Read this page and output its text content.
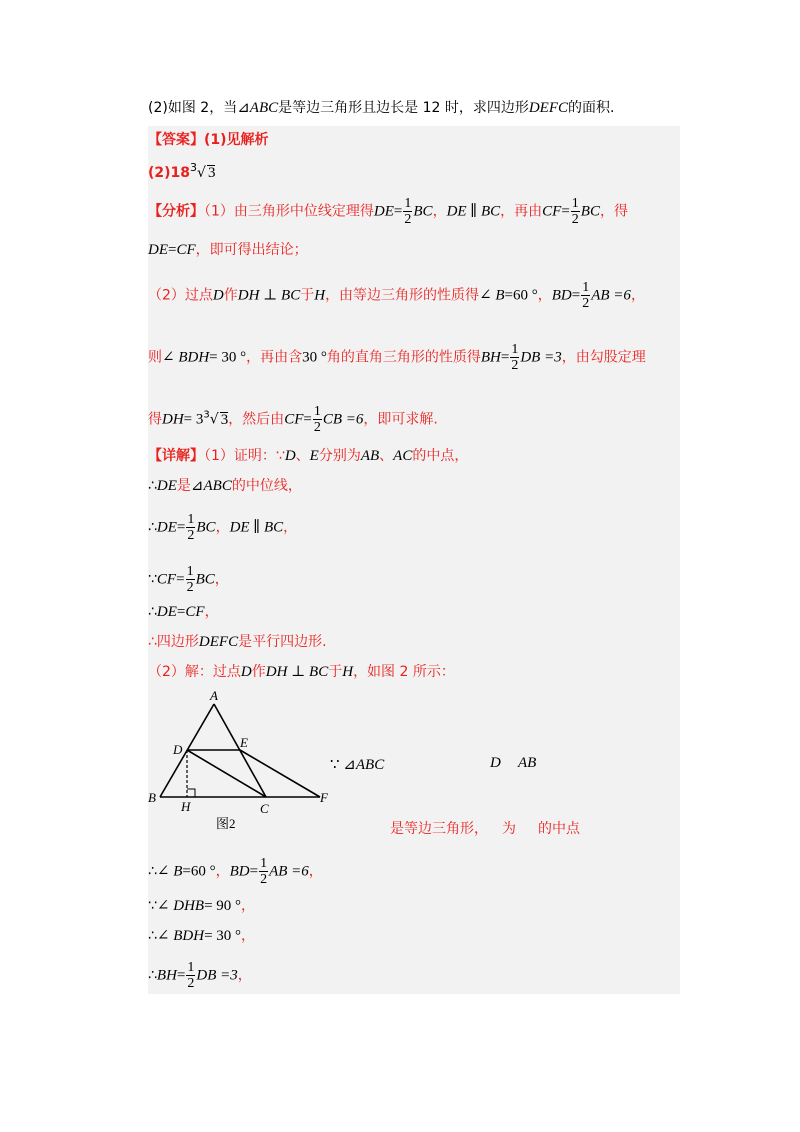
(2)如图 2，当⊿ABC是等边三角形且边长是 12 时，求四边形DEFC的面积.
【答案】(1)见解析
$(2)18^3√$ 3
【分析】（1）由三角形中位线定理得$DE= \frac{1}{2}$ BC，DE ∥ BC，再由$CF= \frac{1}{2}$ BC，得
DE=CF，即可得出结论；
（2）过点D作DH ⊥ BC于H，由等边三角形的性质得∠ B=60 °，$BD= \frac{1}{2}$ AB =6，
则∠ BDH= 30 °，再由含30 °角的直角三角形的性质得$BH= \frac{1}{2}$ DB =3，由勾股定理
得$DH= 3^3√$ 3，然后由$CF= \frac{1}{2}$ CB =6，即可求解.
【详解】（1）证明：∵D、E分别为AB、AC的中点，
∴DE是⊿ABC的中位线，
∴DE= $\frac{1}{2}$ BC，DE ∥ BC，
∵CF= $\frac{1}{2}$ BC，
∴DE=CF，
∴四边形DEFC是平行四边形.
（2）解：过点D作DH ⊥ BC于H，如图 2 所示：
A
B
C
D	E
F
H
图2
∵ ⊿ABC	D AB
是等边三角形， 为 的中点
∴∠ B=60 °，$BD= \frac{1}{2}$ AB =6，
∵∠ DHB= 90 °，
∴∠ BDH= 30 °，
∴BH= $\frac{1}{2}$ DB =3，
